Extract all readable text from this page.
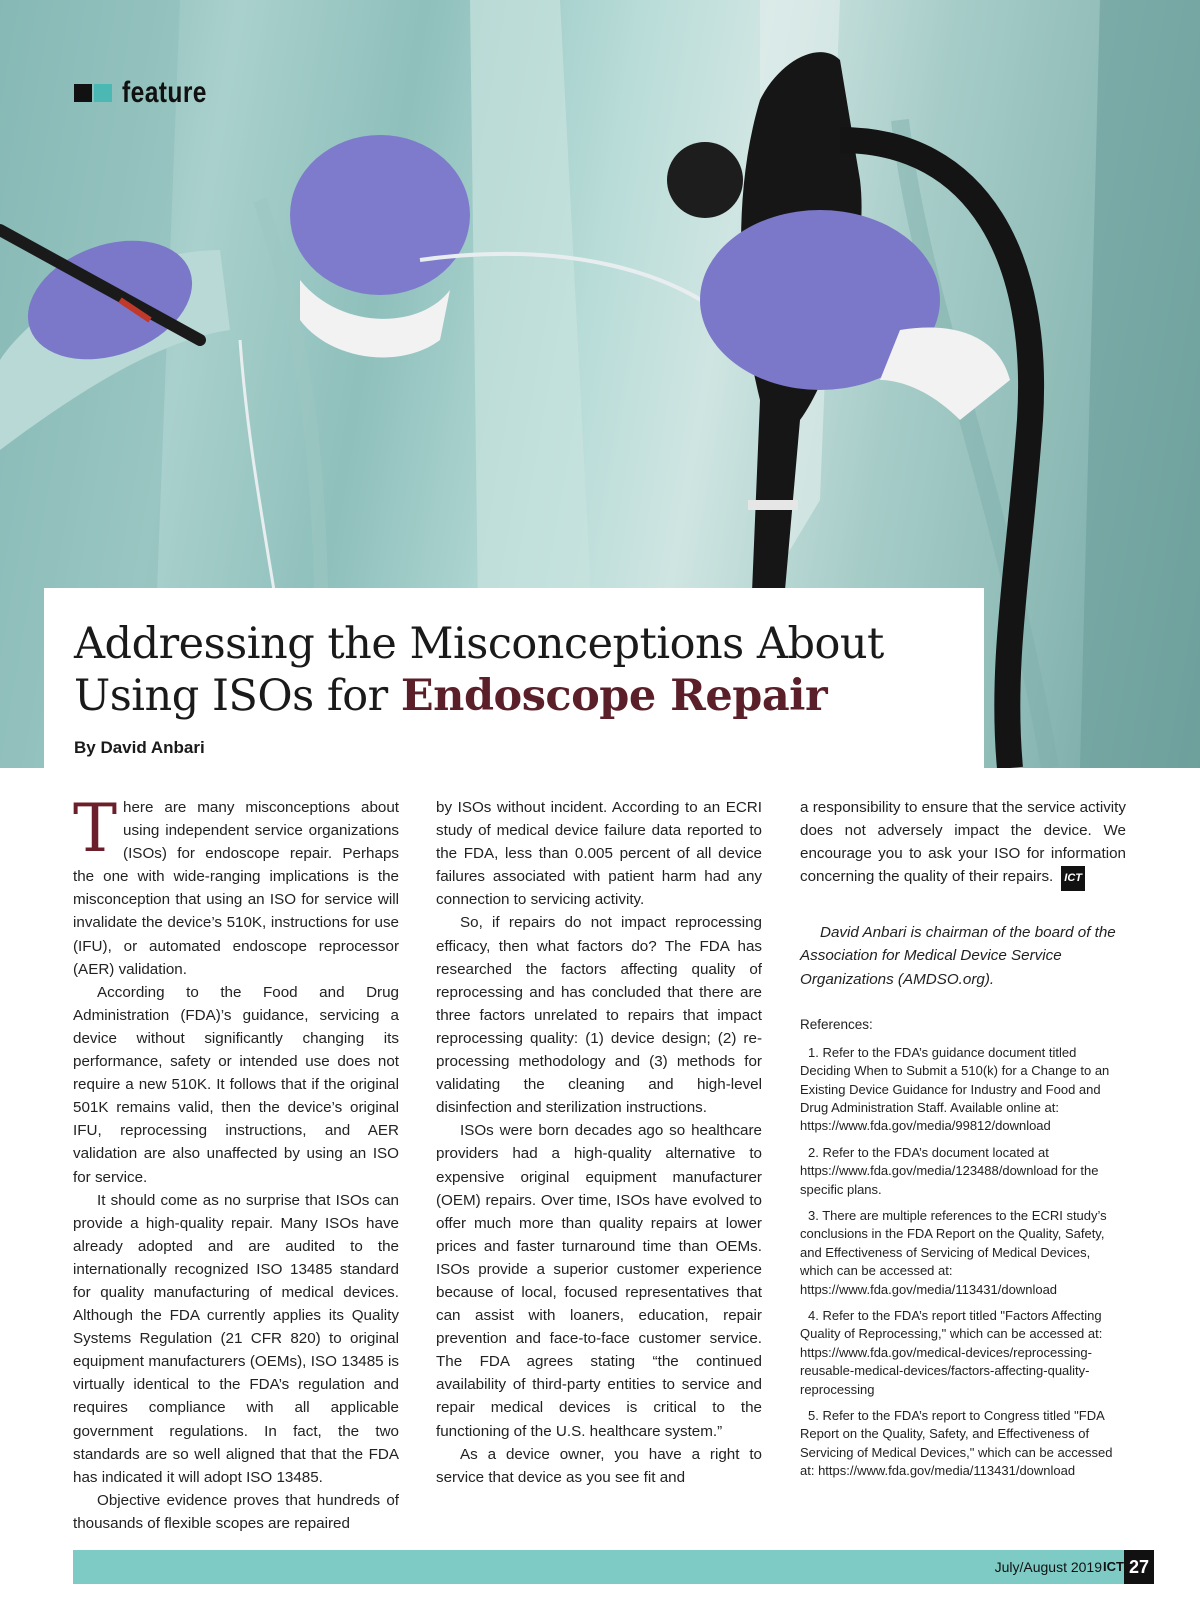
feature
Addressing the Misconceptions About
Using ISOs for Endoscope Repair
By David Anbari

There are many misconceptions about using independent service organizations (ISOs) for endoscope repair. Perhaps the one with wide-ranging implications is the misconception that using an ISO for service will invalidate the device’s 510K, instructions for use (IFU), or automated endoscope reprocessor (AER) validation.

According to the Food and Drug Administration (FDA)’s guidance, servicing a device without significantly changing its performance, safety or intended use does not require a new 510K. It follows that if the original 501K remains valid, then the device’s original IFU, reprocessing instructions, and AER validation are also unaffected by using an ISO for service.

It should come as no surprise that ISOs can provide a high-quality repair. Many ISOs have already adopted and are audited to the internationally recognized ISO 13485 standard for quality manufacturing of medical devices. Although the FDA currently applies its Quality Systems Regulation (21 CFR 820) to original equipment manufacturers (OEMs), ISO 13485 is virtually identical to the FDA’s regulation and requires compliance with all applicable government regulations. In fact, the two standards are so well aligned that that the FDA has indicated it will adopt ISO 13485.

Objective evidence proves that hundreds of thousands of flexible scopes are repaired

by ISOs without incident. According to an ECRI study of medical device failure data reported to the FDA, less than 0.005 percent of all device failures associated with patient harm had any connection to servicing activity.

So, if repairs do not impact reprocessing efficacy, then what factors do? The FDA has researched the factors affecting quality of reprocessing and has concluded that there are three factors unrelated to repairs that impact reprocessing quality: (1) device design; (2) re-processing methodology and (3) methods for validating the cleaning and high-level disinfection and sterilization instructions.

ISOs were born decades ago so healthcare providers had a high-quality alternative to expensive original equipment manufacturer (OEM) repairs. Over time, ISOs have evolved to offer much more than quality repairs at lower prices and faster turnaround time than OEMs. ISOs provide a superior customer experience because of local, focused representatives that can assist with loaners, education, repair prevention and face-to-face customer service. The FDA agrees stating “the continued availability of third-party entities to service and repair medical devices is critical to the functioning of the U.S. healthcare system.”

As a device owner, you have a right to service that device as you see fit and

a responsibility to ensure that the service activity does not adversely impact the device. We encourage you to ask your ISO for information concerning the quality of their repairs. ICT

David Anbari is chairman of the board of the Association for Medical Device Service Organizations (AMDSO.org).

References:

1. Refer to the FDA’s guidance document titled Deciding When to Submit a 510(k) for a Change to an Existing Device Guidance for Industry and Food and Drug Administration Staff. Available online at: https://www.fda.gov/media/99812/download

2. Refer to the FDA’s document located at https://www.fda.gov/media/123488/download for the specific plans.

3. There are multiple references to the ECRI study’s conclusions in the FDA Report on the Quality, Safety, and Effectiveness of Servicing of Medical Devices, which can be accessed at: https://www.fda.gov/media/113431/download

4. Refer to the FDA’s report titled "Factors Affecting Quality of Reprocessing," which can be accessed at: https://www.fda.gov/medical-devices/reprocessing-reusable-medical-devices/factors-affecting-quality-reprocessing

5. Refer to the FDA’s report to Congress titled "FDA Report on the Quality, Safety, and Effectiveness of Servicing of Medical Devices," which can be accessed at: https://www.fda.gov/media/113431/download

July/August 2019 ICT 27
